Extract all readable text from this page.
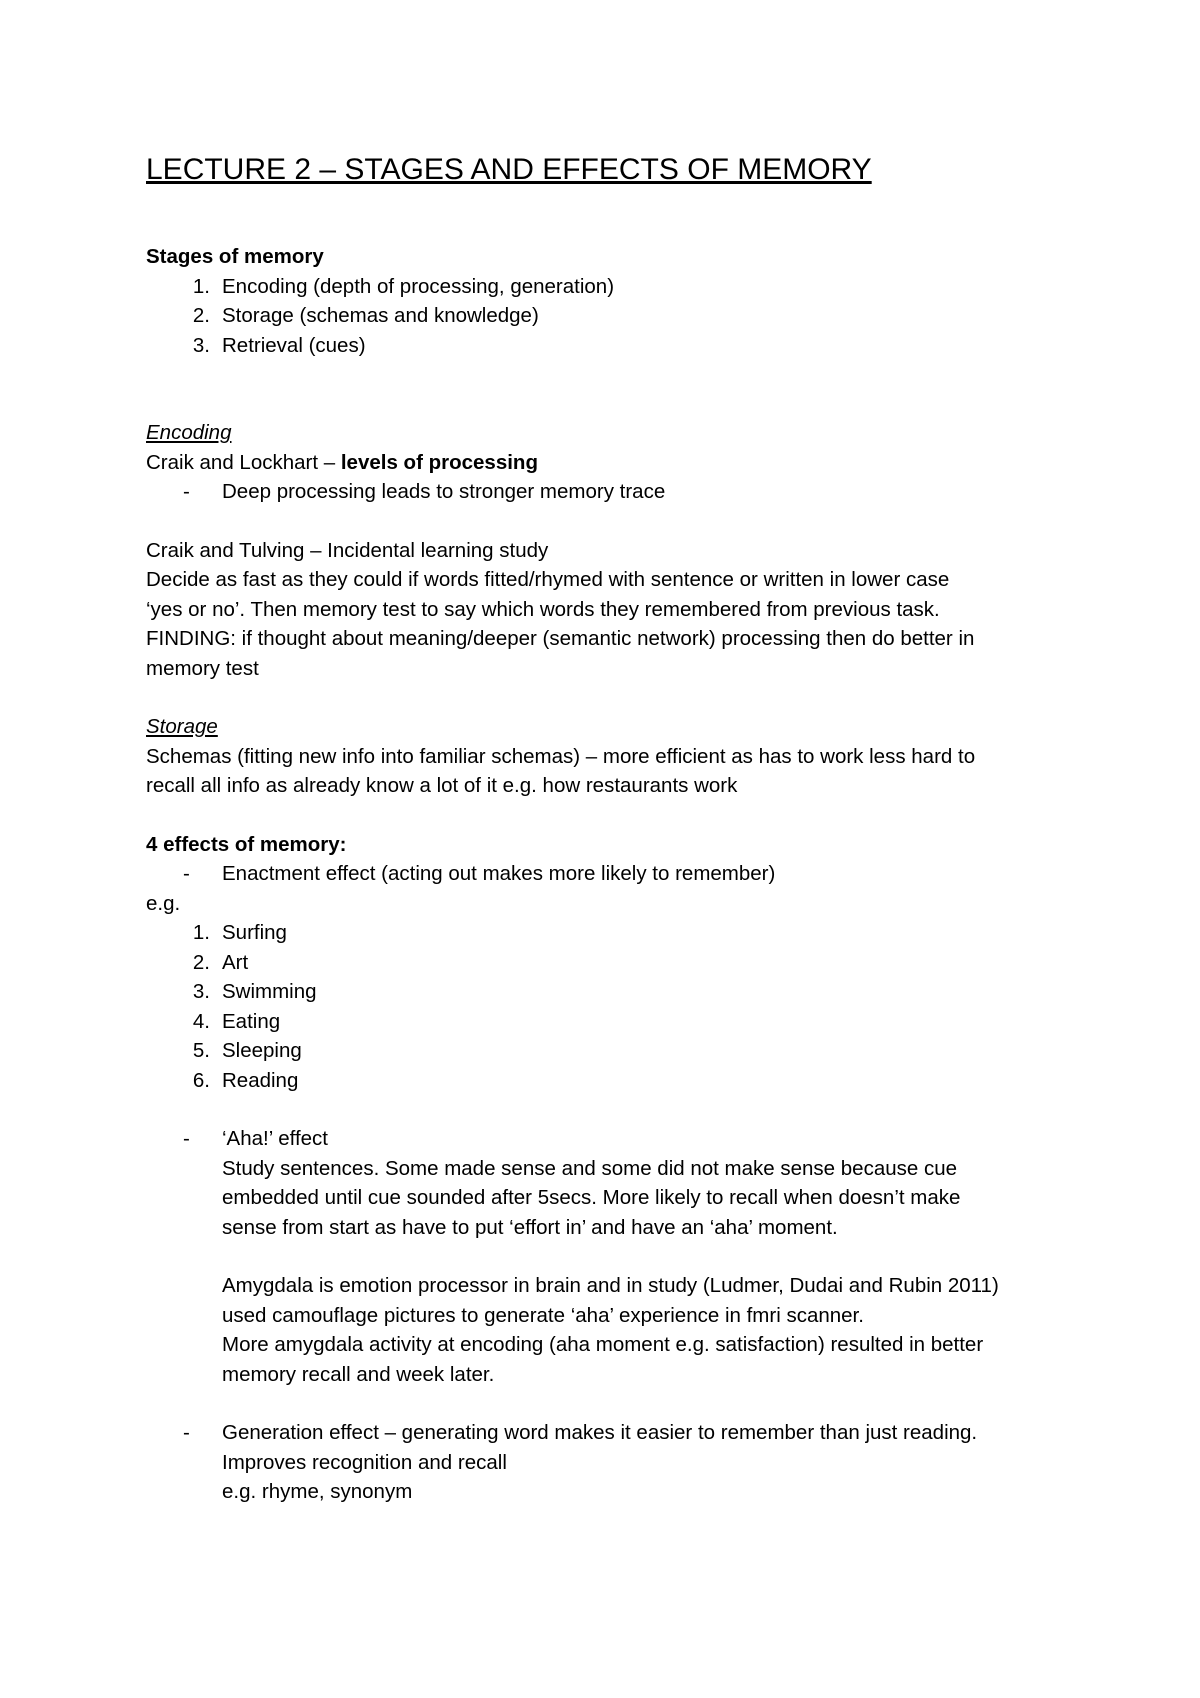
LECTURE 2 – STAGES AND EFFECTS OF MEMORY
Stages of memory
1. Encoding (depth of processing, generation)
2. Storage (schemas and knowledge)
3. Retrieval (cues)
Encoding
Craik and Lockhart – levels of processing
-	Deep processing leads to stronger memory trace
Craik and Tulving – Incidental learning study
Decide as fast as they could if words fitted/rhymed with sentence or written in lower case
‘yes or no’. Then memory test to say which words they remembered from previous task.
FINDING: if thought about meaning/deeper (semantic network) processing then do better in
memory test
Storage
Schemas (fitting new info into familiar schemas) – more efficient as has to work less hard to
recall all info as already know a lot of it e.g. how restaurants work
4 effects of memory:
-	Enactment effect (acting out makes more likely to remember)
e.g.
1. Surfing
2. Art
3. Swimming
4. Eating
5. Sleeping
6. Reading
-	‘Aha!’ effect
Study sentences. Some made sense and some did not make sense because cue
embedded until cue sounded after 5secs. More likely to recall when doesn’t make
sense from start as have to put ‘effort in’ and have an ‘aha’ moment.
Amygdala is emotion processor in brain and in study (Ludmer, Dudai and Rubin 2011)
used camouflage pictures to generate ‘aha’ experience in fmri scanner.
More amygdala activity at encoding (aha moment e.g. satisfaction) resulted in better
memory recall and week later.
-	Generation effect – generating word makes it easier to remember than just reading.
Improves recognition and recall
e.g. rhyme, synonym
